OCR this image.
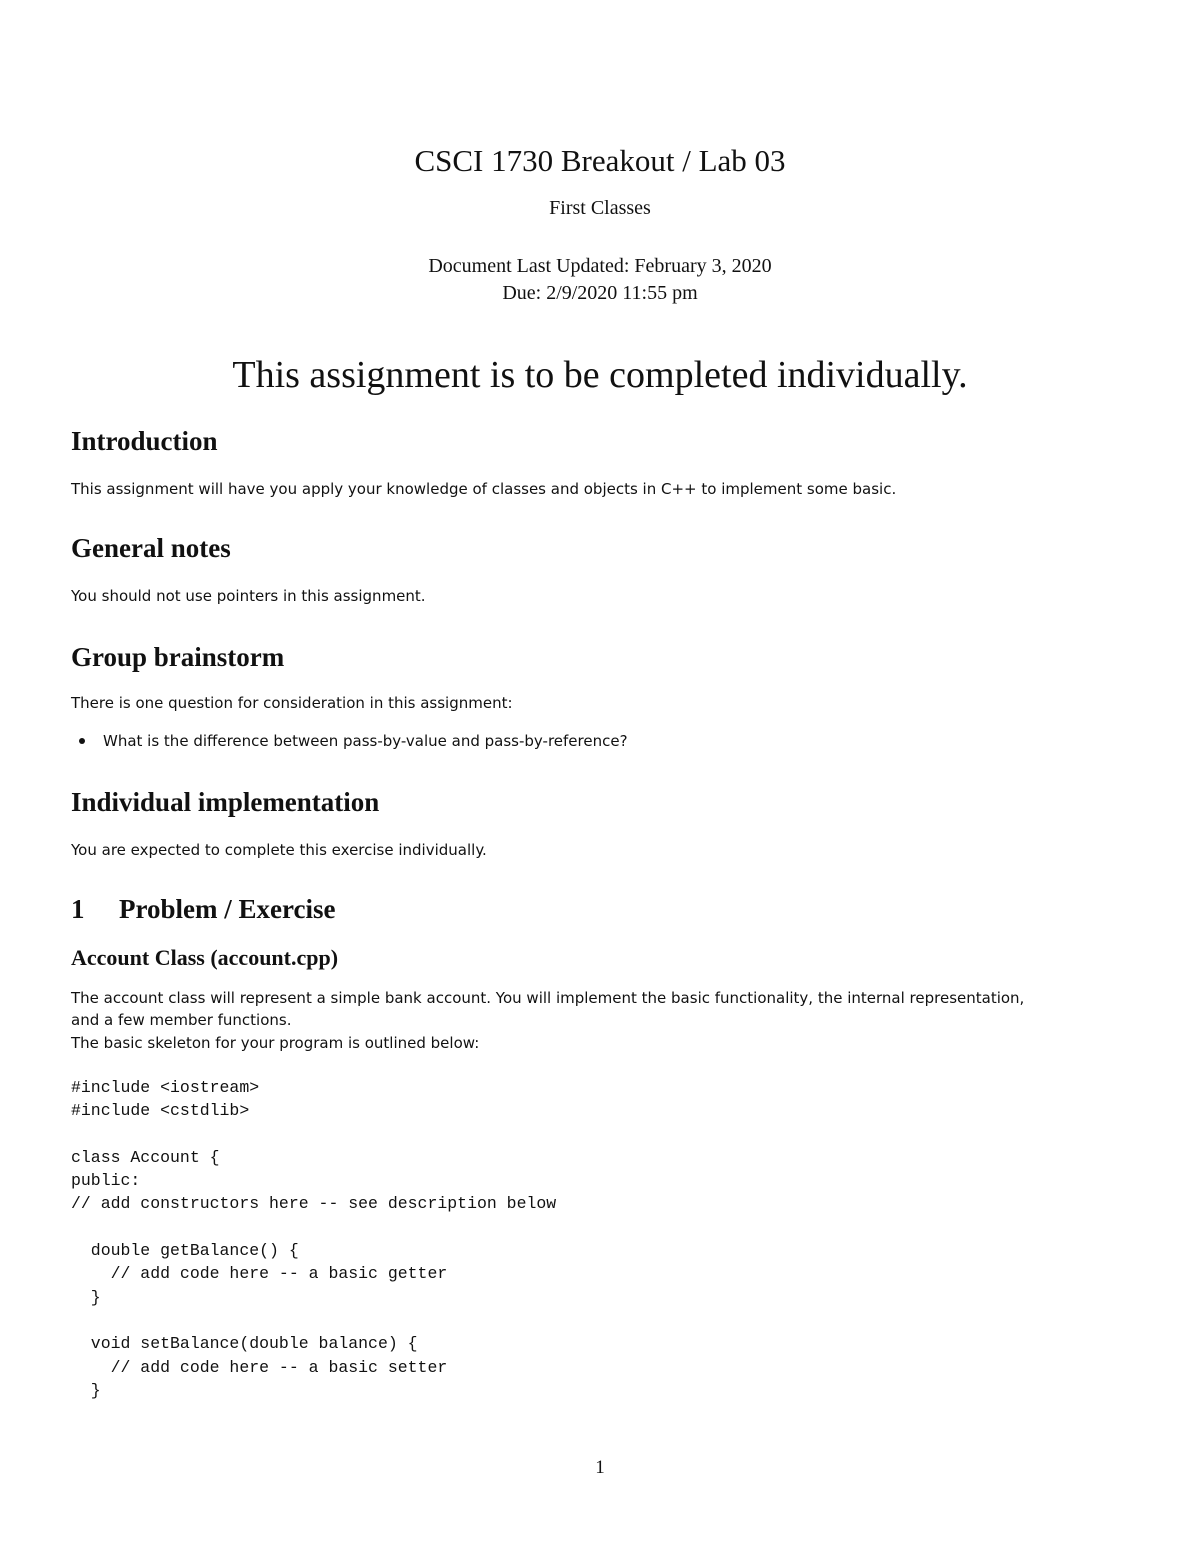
CSCI 1730 Breakout / Lab 03
First Classes
Document Last Updated: February 3, 2020
Due: 2/9/2020 11:55 pm
This assignment is to be completed individually.
Introduction

This assignment will have you apply your knowledge of classes and objects in C++ to implement some basic.

General notes

You should not use pointers in this assignment.

Group brainstorm

There is one question for consideration in this assignment:

What is the difference between pass-by-value and pass-by-reference?
Individual implementation

You are expected to complete this exercise individually.

1 Problem / Exercise
Account Class (account.cpp)

The account class will represent a simple bank account. You will implement the basic functionality, the internal representation,

and a few member functions.

The basic skeleton for your program is outlined below:

#include <iostream>
#include <cstdlib>

class Account {
public:
// add constructors here -- see description below

double getBalance() {
// add code here -- a basic getter
}

void setBalance(double balance) {
// add code here -- a basic setter
}
1
